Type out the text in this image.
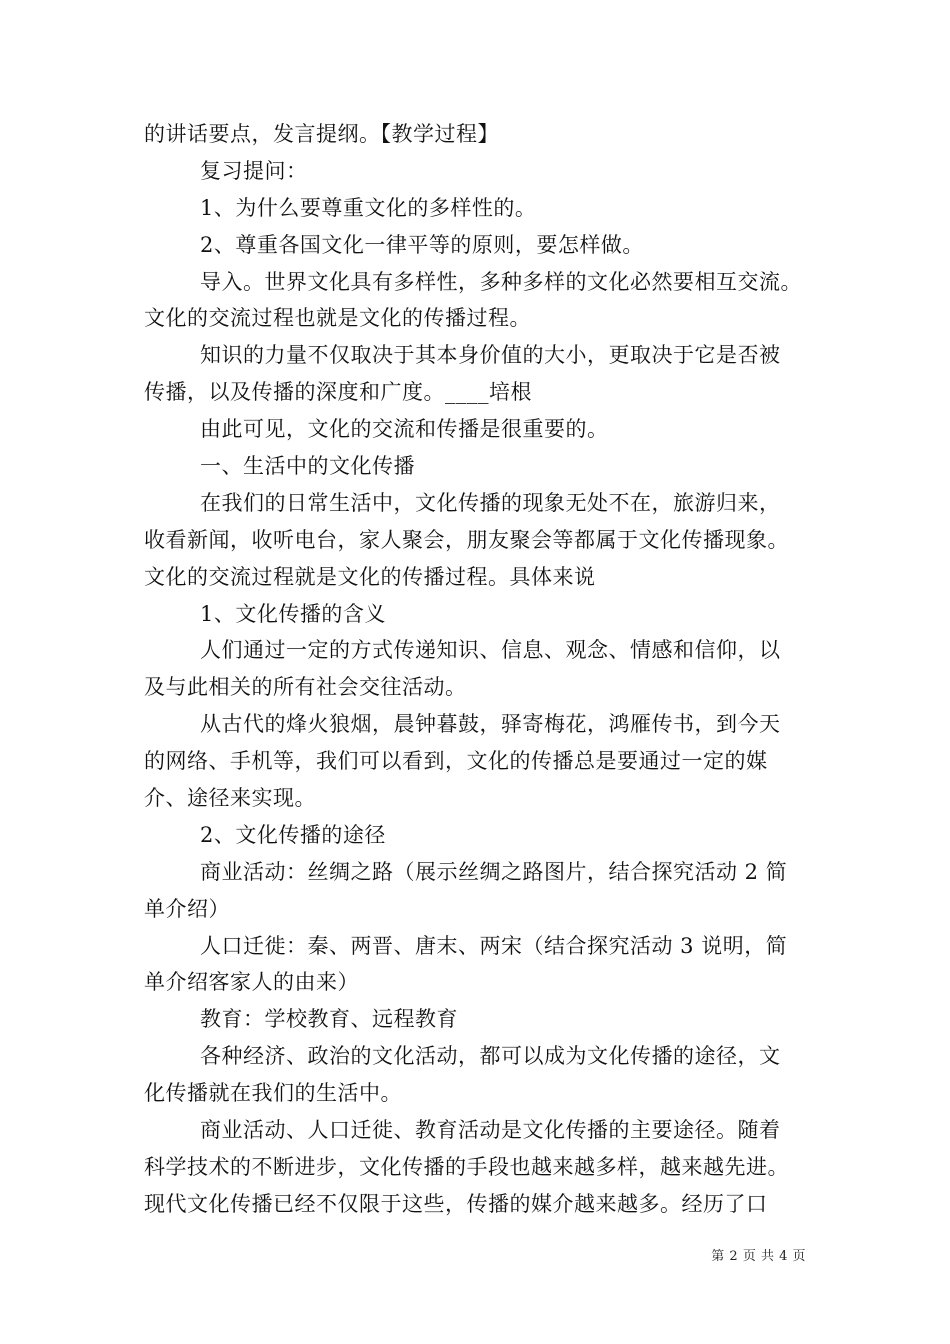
的讲话要点，发言提纲。【教学过程】
复习提问：
1、为什么要尊重文化的多样性的。
2、尊重各国文化一律平等的原则，要怎样做。
导入。世界文化具有多样性，多种多样的文化必然要相互交流。
文化的交流过程也就是文化的传播过程。
知识的力量不仅取决于其本身价值的大小，更取决于它是否被
传播，以及传播的深度和广度。____培根
由此可见，文化的交流和传播是很重要的。
一、生活中的文化传播
在我们的日常生活中，文化传播的现象无处不在，旅游归来，
收看新闻，收听电台，家人聚会，朋友聚会等都属于文化传播现象。
文化的交流过程就是文化的传播过程。具体来说
1、文化传播的含义
人们通过一定的方式传递知识、信息、观念、情感和信仰，以
及与此相关的所有社会交往活动。
从古代的烽火狼烟，晨钟暮鼓，驿寄梅花，鸿雁传书，到今天
的网络、手机等，我们可以看到，文化的传播总是要通过一定的媒
介、途径来实现。
2、文化传播的途径
商业活动：丝绸之路（展示丝绸之路图片，结合探究活动 2 简
单介绍）
人口迁徙：秦、两晋、唐末、两宋（结合探究活动 3 说明，简
单介绍客家人的由来）
教育：学校教育、远程教育
各种经济、政治的文化活动，都可以成为文化传播的途径，文
化传播就在我们的生活中。
商业活动、人口迁徙、教育活动是文化传播的主要途径。随着
科学技术的不断进步，文化传播的手段也越来越多样，越来越先进。
现代文化传播已经不仅限于这些，传播的媒介越来越多。经历了口
第 2 页 共 4 页
